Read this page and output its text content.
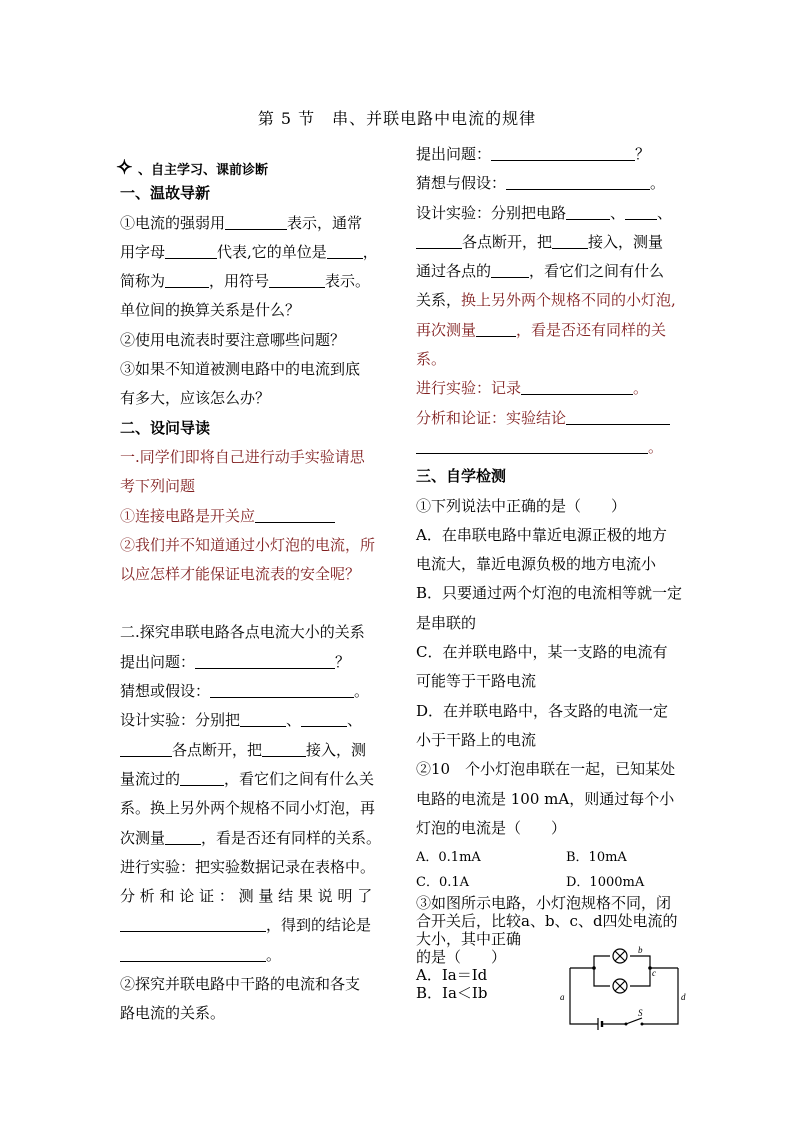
第 5 节　串、并联电路中电流的规律
✧ 、自主学习、课前诊断
一、温故导新
①电流的强弱用	表示，通常
用字母	代表,它的单位是 ，
简称为	，用符号	表示。
单位间的换算关系是什么？
②使用电流表时要注意哪些问题？
③如果不知道被测电路中的电流到底
有多大，应该怎么办？
二、设问导读
一.同学们即将自己进行动手实验请思
考下列问题
①连接电路是开关应
②我们并不知道通过小灯泡的电流，所
以应怎样才能保证电流表的安全呢？
二.探究串联电路各点电流大小的关系
提出问题：	？
猜想或假设：	。
设计实验：分别把	、	、
各点断开，把	接入，测
量流过的	，看它们之间有什么关
系。换上另外两个规格不同小灯泡，再
次测量 ，看是否还有同样的关系。
进行实验：把实验数据记录在表格中。
分 析 和 论 证 ： 测 量 结 果 说 明 了
，得到的结论是
。
②探究并联电路中干路的电流和各支
路电流的关系。
提出问题：	？
猜想与假设：	。
设计实验：分别把电路	、 、
各点断开，把 接入，测量
通过各点的	，看它们之间有什么
关系，换上另外两个规格不同的小灯泡,
再次测量	，看是否还有同样的关
系。
进行实验：记录	。
分析和论证：实验结论
。
三、自学检测
①下列说法中正确的是（　　）
A．在串联电路中靠近电源正极的地方
电流大，靠近电源负极的地方电流小
B．只要通过两个灯泡的电流相等就一定
是串联的
C．在并联电路中，某一支路的电流有
可能等于干路电流
D．在并联电路中，各支路的电流一定
小于干路上的电流
②10　个小灯泡串联在一起，已知某处
电路的电流是 100 mA，则通过每个小
灯泡的电流是（　　）
A．0.1mA	B．10mA
C．0.1A	D．1000mA
③如图所示电路，小灯泡规格不同，闭
合开关后，比较a、b、c、d四处电流的
大小，其中正确
的是（　　）
A．Ia＝Id
B．Ia＜Ib	a
b
c
d
S
